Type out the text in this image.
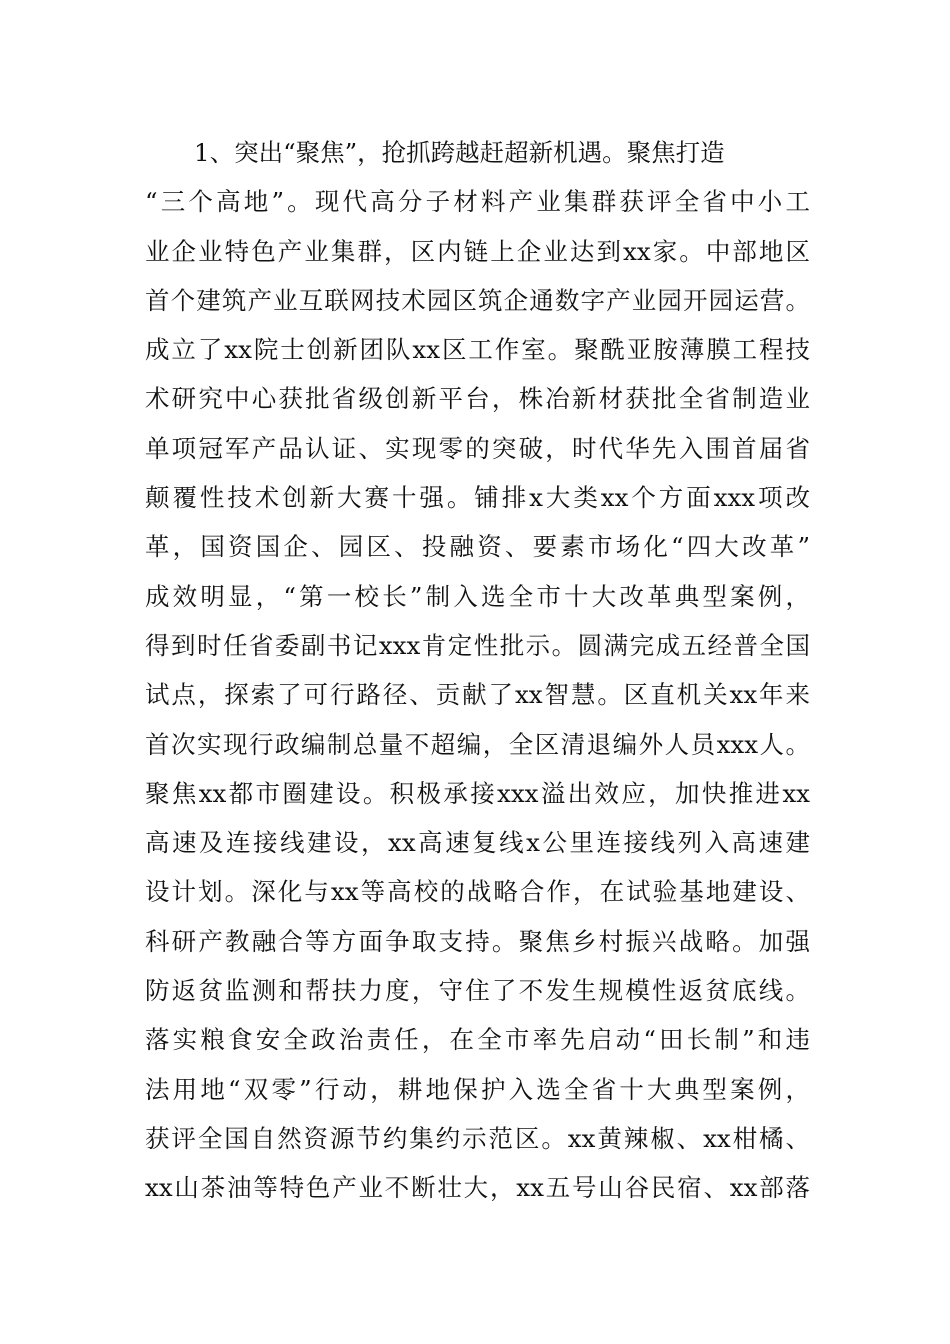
　　1、突出“聚焦”，抢抓跨越赶超新机遇。聚焦打造
“三个高地”。现代高分子材料产业集群获评全省中小工
业企业特色产业集群，区内链上企业达到xx家。中部地区
首个建筑产业互联网技术园区筑企通数字产业园开园运营。
成立了xx院士创新团队xx区工作室。聚酰亚胺薄膜工程技
术研究中心获批省级创新平台，株冶新材获批全省制造业
单项冠军产品认证、实现零的突破，时代华先入围首届省
颠覆性技术创新大赛十强。铺排x大类xx个方面xxx项改
革，国资国企、园区、投融资、要素市场化“四大改革”
成效明显，“第一校长”制入选全市十大改革典型案例，
得到时任省委副书记xxx肯定性批示。圆满完成五经普全国
试点，探索了可行路径、贡献了xx智慧。区直机关xx年来
首次实现行政编制总量不超编，全区清退编外人员xxx人。
聚焦xx都市圈建设。积极承接xxx溢出效应，加快推进xx
高速及连接线建设，xx高速复线x公里连接线列入高速建
设计划。深化与xx等高校的战略合作，在试验基地建设、
科研产教融合等方面争取支持。聚焦乡村振兴战略。加强
防返贫监测和帮扶力度，守住了不发生规模性返贫底线。
落实粮食安全政治责任，在全市率先启动“田长制”和违
法用地“双零”行动，耕地保护入选全省十大典型案例，
获评全国自然资源节约集约示范区。xx黄辣椒、xx柑橘、
xx山茶油等特色产业不断壮大，xx五号山谷民宿、xx部落
